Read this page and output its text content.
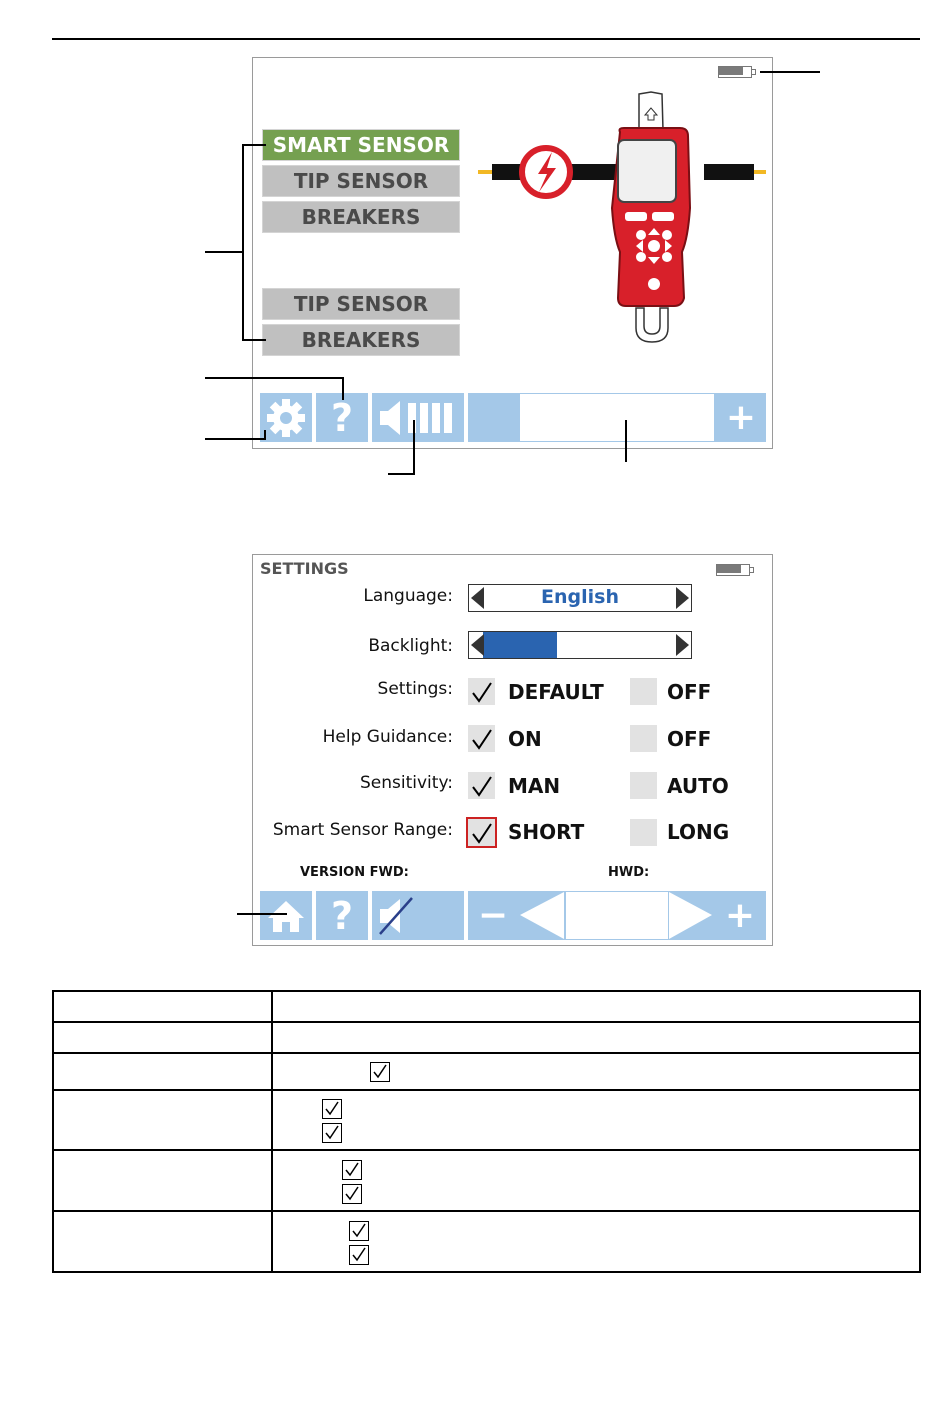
SMART SENSOR
TIP SENSOR
BREAKERS
TIP SENSOR
BREAKERS
?	+
SETTINGS
Language:	English
Backlight:
Settings:	DEFAULT	OFF
Help Guidance:	ON	OFF
Sensitivity:	MAN	AUTO
Smart Sensor Range:	SHORT	LONG
VERSION FWD:	HWD:
?	−	+
